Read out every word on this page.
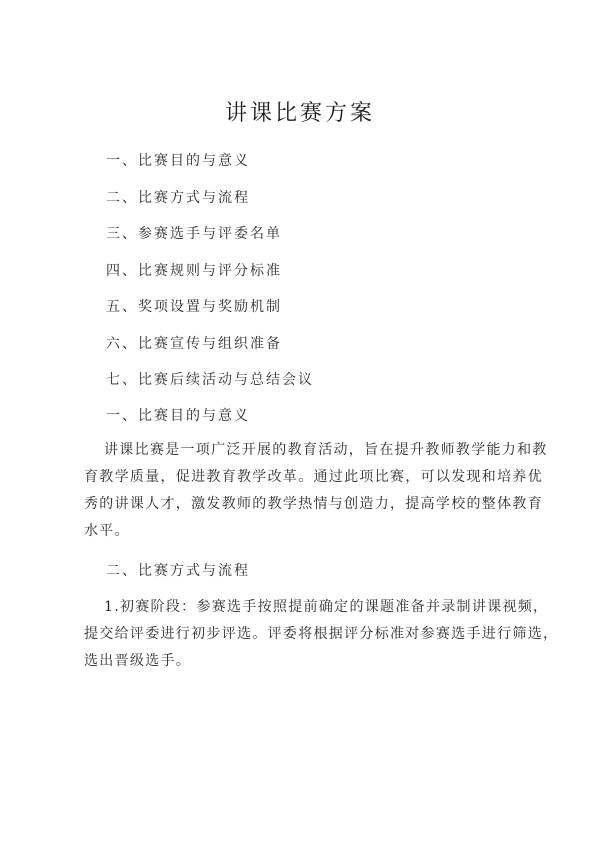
讲课比赛方案
一、比赛目的与意义
二、比赛方式与流程
三、参赛选手与评委名单
四、比赛规则与评分标准
五、奖项设置与奖励机制
六、比赛宣传与组织准备
七、比赛后续活动与总结会议
一、比赛目的与意义
讲课比赛是一项广泛开展的教育活动，旨在提升教师教学能力和教
育教学质量，促进教育教学改革。通过此项比赛，可以发现和培养优
秀的讲课人才，激发教师的教学热情与创造力，提高学校的整体教育
水平。
二、比赛方式与流程
1.初赛阶段：参赛选手按照提前确定的课题准备并录制讲课视频，
提交给评委进行初步评选。评委将根据评分标准对参赛选手进行筛选，
选出晋级选手。
